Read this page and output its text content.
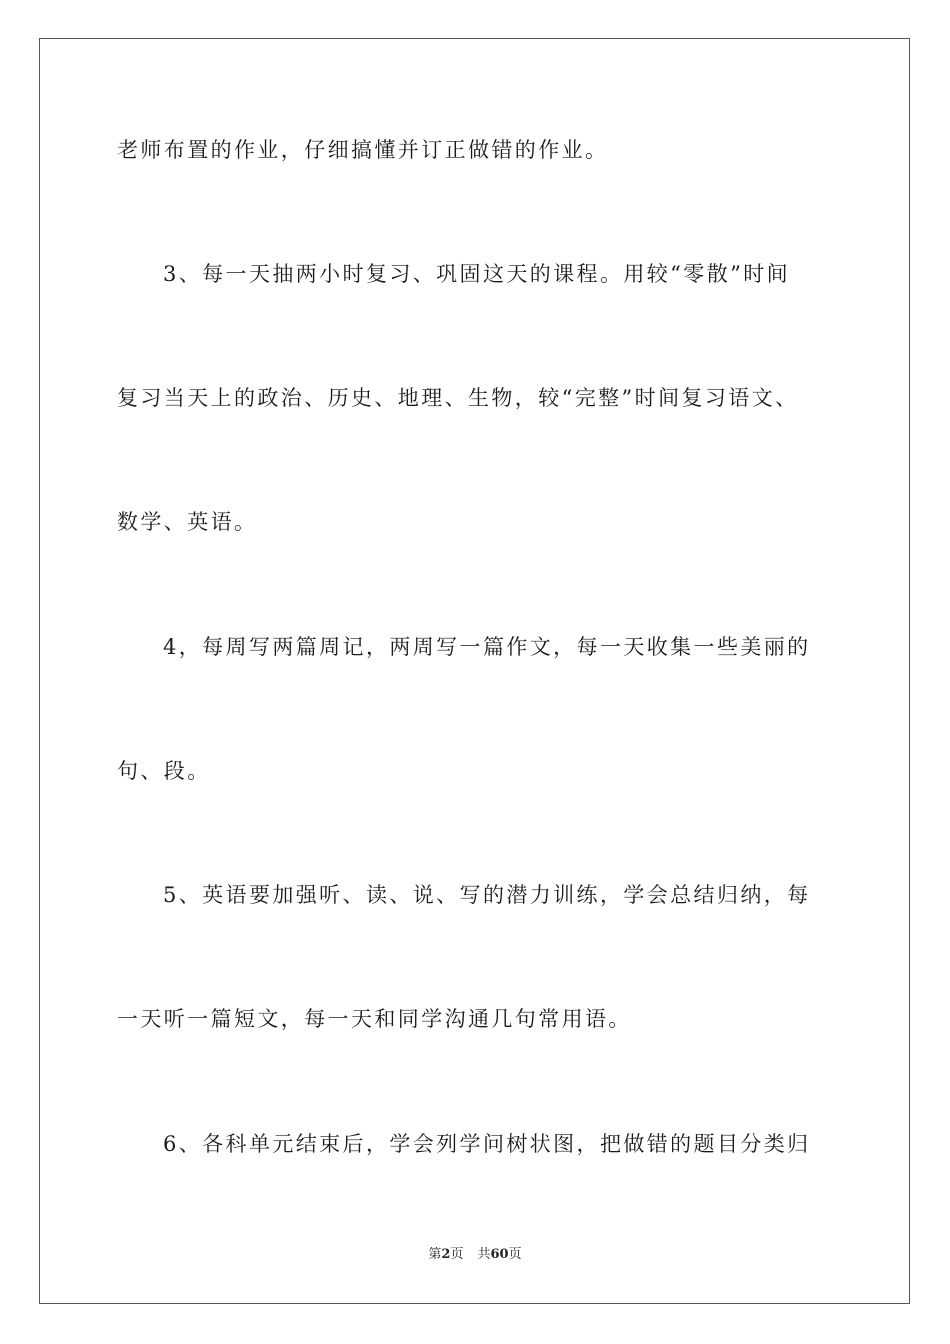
老师布置的作业，仔细搞懂并订正做错的作业。
3、每一天抽两小时复习、巩固这天的课程。用较“零散”时间
复习当天上的政治、历史、地理、生物，较“完整”时间复习语文、
数学、英语。
4，每周写两篇周记，两周写一篇作文，每一天收集一些美丽的
句、段。
5、英语要加强听、读、说、写的潜力训练，学会总结归纳，每
一天听一篇短文，每一天和同学沟通几句常用语。
6、各科单元结束后，学会列学问树状图，把做错的题目分类归
第2页 共60页
